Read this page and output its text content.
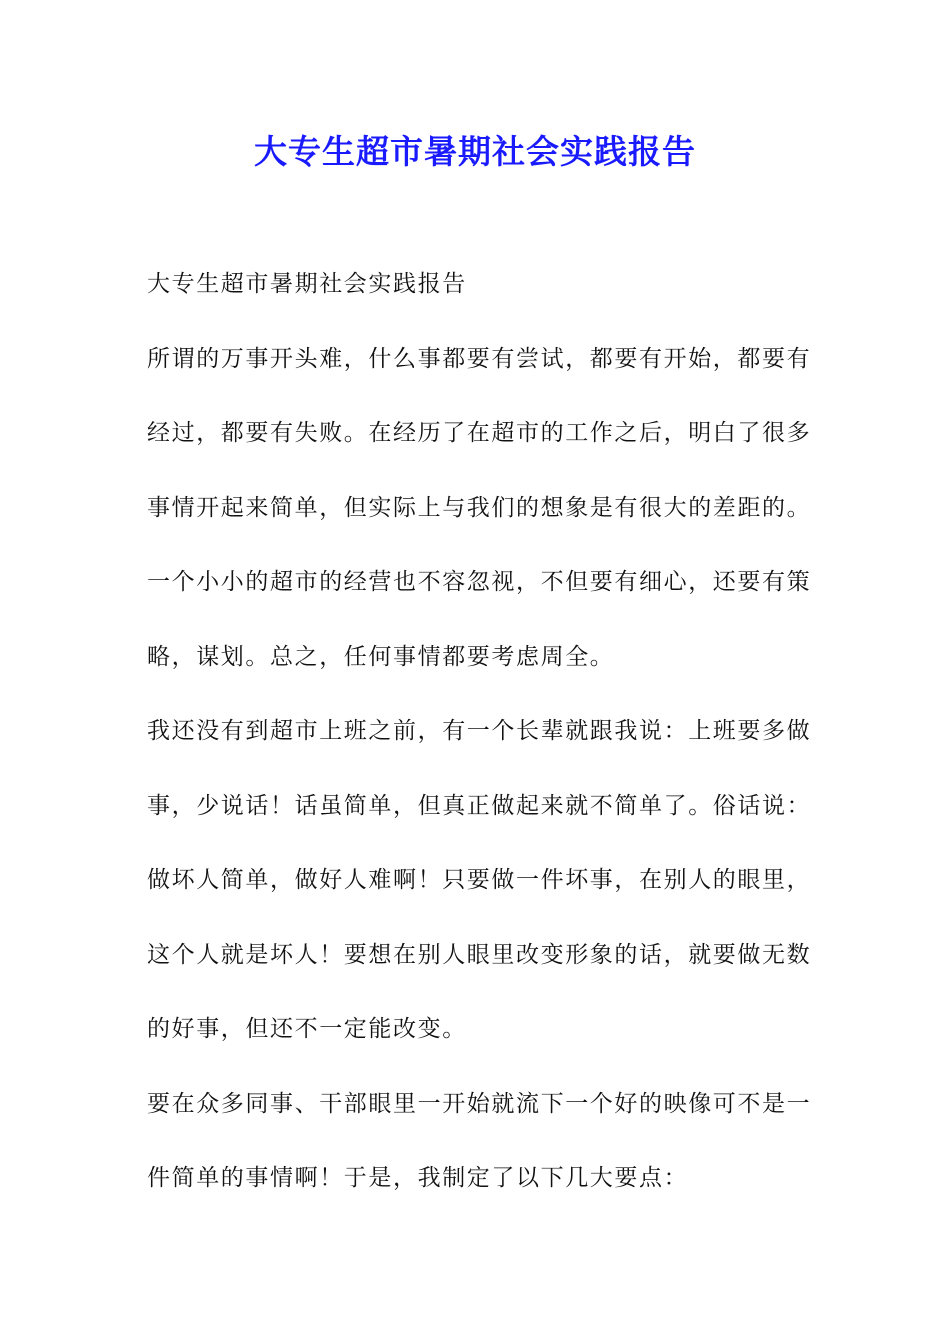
大专生超市暑期社会实践报告
大专生超市暑期社会实践报告
所谓的万事开头难，什么事都要有尝试，都要有开始，都要有
经过，都要有失败。在经历了在超市的工作之后，明白了很多
事情开起来简单，但实际上与我们的想象是有很大的差距的。
一个小小的超市的经营也不容忽视，不但要有细心，还要有策
略，谋划。总之，任何事情都要考虑周全。
我还没有到超市上班之前，有一个长辈就跟我说：上班要多做
事，少说话！话虽简单，但真正做起来就不简单了。俗话说：
做坏人简单，做好人难啊！只要做一件坏事，在别人的眼里，
这个人就是坏人！要想在别人眼里改变形象的话，就要做无数
的好事，但还不一定能改变。
要在众多同事、干部眼里一开始就流下一个好的映像可不是一
件简单的事情啊！于是，我制定了以下几大要点：
